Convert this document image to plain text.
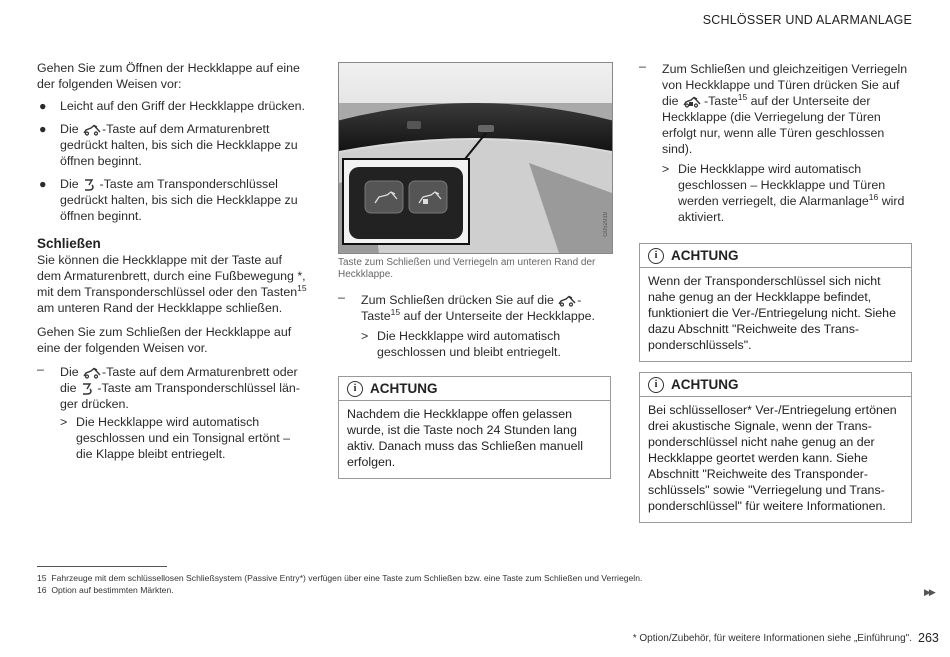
SCHLÖSSER UND ALARMANLAGE

Gehen Sie zum Öffnen der Heckklappe auf eine der folgenden Weisen vor:

● Leicht auf den Griff der Heckklappe drücken.
● Die -Taste auf dem Armaturenbrett gedrückt halten, bis sich die Heckklappe zu öffnen beginnt.
● Die  -Taste am Transponderschlüssel gedrückt halten, bis sich die Heckklappe zu öffnen beginnt.
Schließen

Sie können die Heckklappe mit der Taste auf dem Armaturenbrett, durch eine Fußbewegung *, mit dem Transponderschlüssel oder den Tasten$^{15}$ am unteren Rand der Heckklappe schließen.

Gehen Sie zum Schließen der Heckklappe auf eine der folgenden Weisen vor.

– Die -Taste auf dem Armaturenbrett oder die  -Taste am Transponderschlüssel länger drücken.
> Die Heckklappe wird automatisch geschlossen und ein Tonsignal ertönt – die Klappe bleibt entriegelt.
G052939
Taste zum Schließen und Verriegeln am unteren Rand der Heckklappe.
– Zum Schließen drücken Sie auf die -Taste$^{15}$ auf der Unterseite der Heckklappe.
> Die Heckklappe wird automatisch geschlossen und bleibt entriegelt.
i	ACHTUNG
Nachdem die Heckklappe offen gelassen wurde, ist die Taste noch 24 Stunden lang aktiv. Danach muss das Schließen manuell erfolgen.
– Zum Schließen und gleichzeitigen Verriegeln von Heckklappe und Türen drücken Sie auf die -Taste$^{15}$ auf der Unterseite der Heckklappe (die Verriegelung der Türen erfolgt nur, wenn alle Türen geschlossen sind).
> Die Heckklappe wird automatisch geschlossen – Heckklappe und Türen werden verriegelt, die Alarmanlage$^{16}$ wird aktiviert.
i	ACHTUNG
Wenn der Transponderschlüssel sich nicht nahe genug an der Heckklappe befindet, funktioniert die Ver-/Entriegelung nicht. Siehe dazu Abschnitt "Reichweite des Transponderschlüssels".
i	ACHTUNG
Bei schlüsselloser* Ver-/Entriegelung ertönen drei akustische Signale, wenn der Transponderschlüssel nicht nahe genug an der Heckklappe geortet werden kann. Siehe Abschnitt "Reichweite des Transponderschlüssels" sowie "Verriegelung und Transponderschlüssel" für weitere Informationen.
15 Fahrzeuge mit dem schlüssellosen Schließsystem (Passive Entry*) verfügen über eine Taste zum Schließen bzw. eine Taste zum Schließen und Verriegeln.
16 Option auf bestimmten Märkten.	▶▶
* Option/Zubehör, für weitere Informationen siehe „Einführung". 263
